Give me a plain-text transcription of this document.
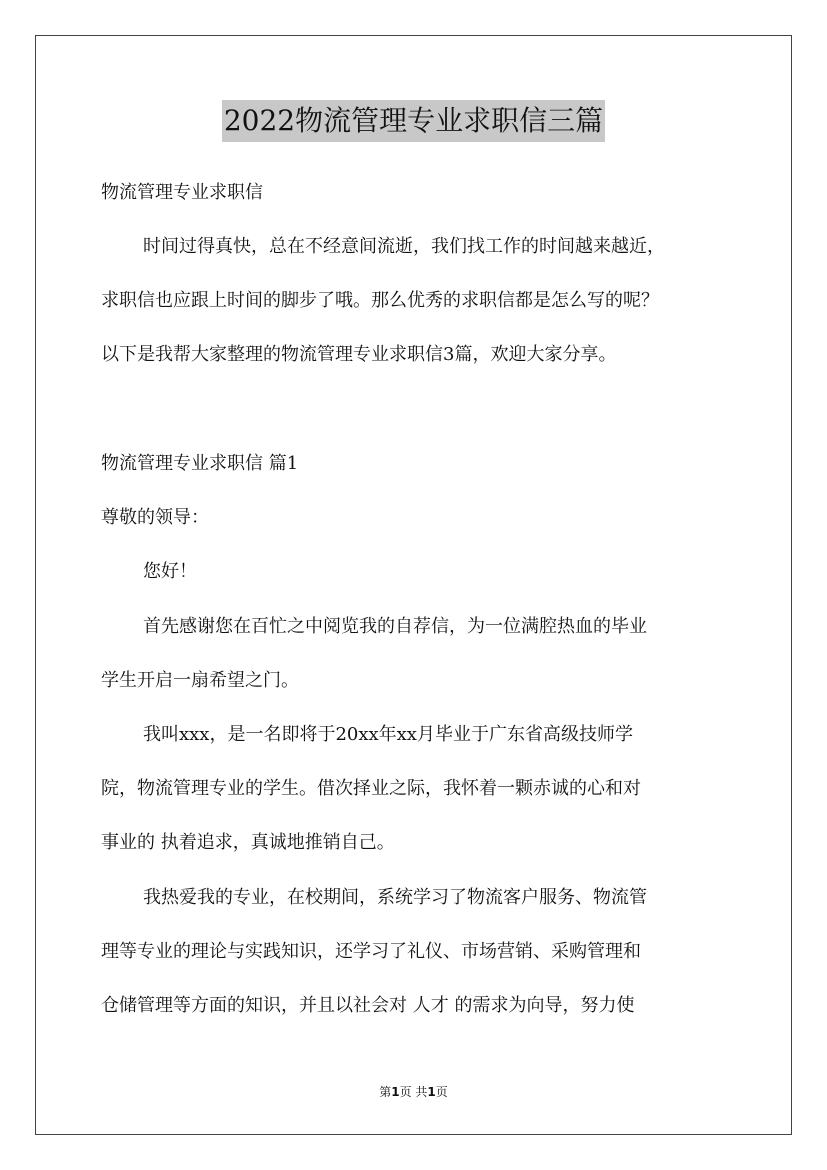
2022物流管理专业求职信三篇
物流管理专业求职信
时间过得真快，总在不经意间流逝，我们找工作的时间越来越近，
求职信也应跟上时间的脚步了哦。那么优秀的求职信都是怎么写的呢？
以下是我帮大家整理的物流管理专业求职信3篇，欢迎大家分享。
物流管理专业求职信 篇1
尊敬的领导：
您好！
首先感谢您在百忙之中阅览我的自荐信，为一位满腔热血的毕业
学生开启一扇希望之门。
我叫xxx，是一名即将于20xx年xx月毕业于广东省高级技师学
院，物流管理专业的学生。借次择业之际，我怀着一颗赤诚的心和对
事业的 执着追求，真诚地推销自己。
我热爱我的专业，在校期间，系统学习了物流客户服务、物流管
理等专业的理论与实践知识，还学习了礼仪、市场营销、采购管理和
仓储管理等方面的知识，并且以社会对 人才 的需求为向导，努力使
第1页 共1页
